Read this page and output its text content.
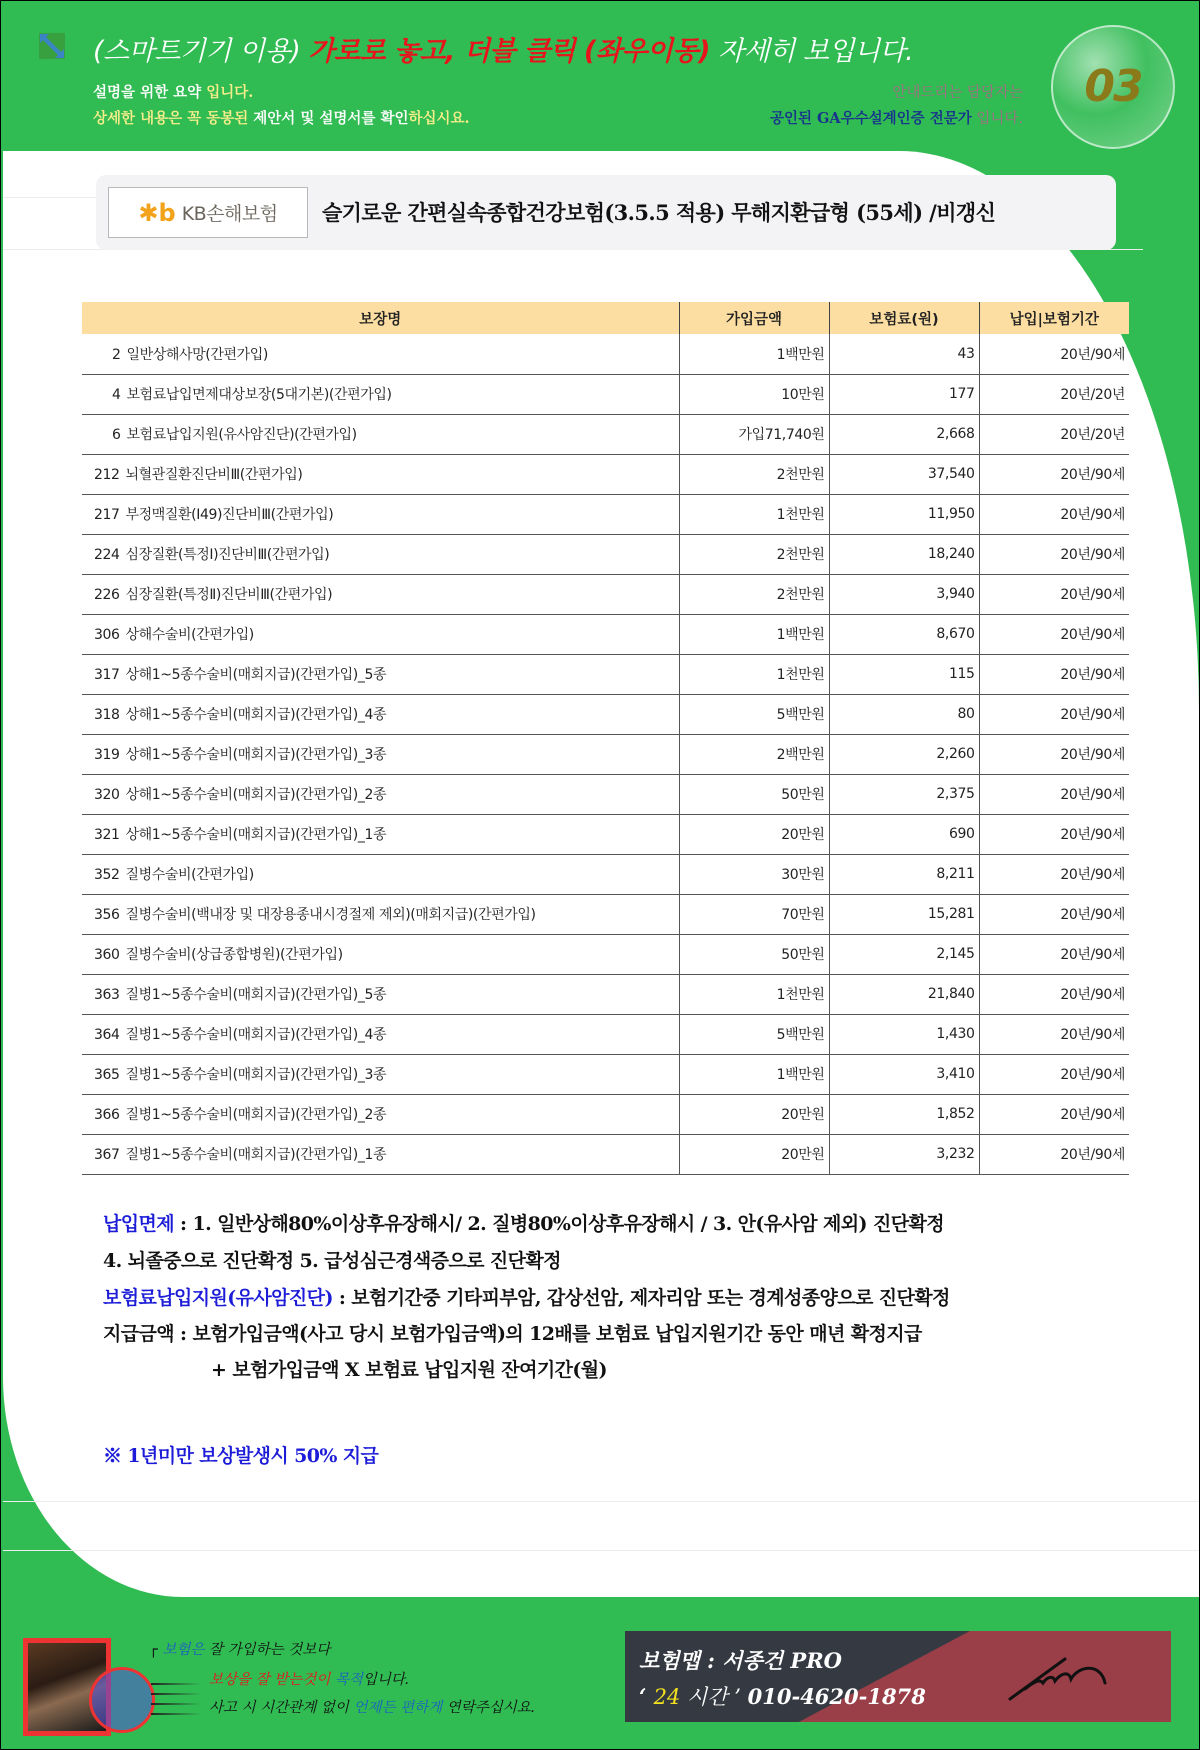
(스마트기기 이용) 가로로 놓고, 더블 클릭 (좌우이동) 자세히 보입니다.
설명을 위한 요약 입니다.
상세한 내용은 꼭 동봉된 제안서 및 설명서를 확인하십시요.
안내드리는 담당자는
공인된 GA우수설계인증 전문가 입니다.
03
✱b KB손해보험 슬기로운 간편실속종합건강보험(3.5.5 적용) 무해지환급형 (55세) /비갱신
보장명	가입금액	보험료(원)	납입|보험기간
2 일반상해사망(간편가입)	1백만원	43	20년/90세
4 보험료납입면제대상보장(5대기본)(간편가입)	10만원	177	20년/20년
6 보험료납입지원(유사암진단)(간편가입)	가입71,740원	2,668	20년/20년
212 뇌혈관질환진단비Ⅲ(간편가입)	2천만원	37,540	20년/90세
217 부정맥질환(Ⅰ49)진단비Ⅲ(간편가입)	1천만원	11,950	20년/90세
224 심장질환(특정Ⅰ)진단비Ⅲ(간편가입)	2천만원	18,240	20년/90세
226 심장질환(특정Ⅱ)진단비Ⅲ(간편가입)	2천만원	3,940	20년/90세
306 상해수술비(간편가입)	1백만원	8,670	20년/90세
317 상해1~5종수술비(매회지급)(간편가입)_5종	1천만원	115	20년/90세
318 상해1~5종수술비(매회지급)(간편가입)_4종	5백만원	80	20년/90세
319 상해1~5종수술비(매회지급)(간편가입)_3종	2백만원	2,260	20년/90세
320 상해1~5종수술비(매회지급)(간편가입)_2종	50만원	2,375	20년/90세
321 상해1~5종수술비(매회지급)(간편가입)_1종	20만원	690	20년/90세
352 질병수술비(간편가입)	30만원	8,211	20년/90세
356 질병수술비(백내장 및 대장용종내시경절제 제외)(매회지급)(간편가입)	70만원	15,281	20년/90세
360 질병수술비(상급종합병원)(간편가입)	50만원	2,145	20년/90세
363 질병1~5종수술비(매회지급)(간편가입)_5종	1천만원	21,840	20년/90세
364 질병1~5종수술비(매회지급)(간편가입)_4종	5백만원	1,430	20년/90세
365 질병1~5종수술비(매회지급)(간편가입)_3종	1백만원	3,410	20년/90세
366 질병1~5종수술비(매회지급)(간편가입)_2종	20만원	1,852	20년/90세
367 질병1~5종수술비(매회지급)(간편가입)_1종	20만원	3,232	20년/90세
납입면제 : 1. 일반상해80%이상후유장해시/ 2. 질병80%이상후유장해시 / 3. 안(유사암 제외) 진단확정
4. 뇌졸중으로 진단확정 5. 급성심근경색증으로 진단확정
보험료납입지원(유사암진단) : 보험기간중 기타피부암, 갑상선암, 제자리암 또는 경계성종양으로 진단확정
지급금액 : 보험가입금액(사고 당시 보험가입금액)의 12배를 보험료 납입지원기간 동안 매년 확정지급
+ 보험가입금액 X 보험료 납입지원 잔여기간(월)
※ 1년미만 보상발생시 50% 지급
┌ 보험은 잘 가입하는 것보다
보상을 잘 받는것이 목적입니다.
사고 시 시간관계 없이 언제든 편하게 연락주십시요.
보험맵 : 서종건 PRO
‘ 24 시간 ’ 010-4620-1878
